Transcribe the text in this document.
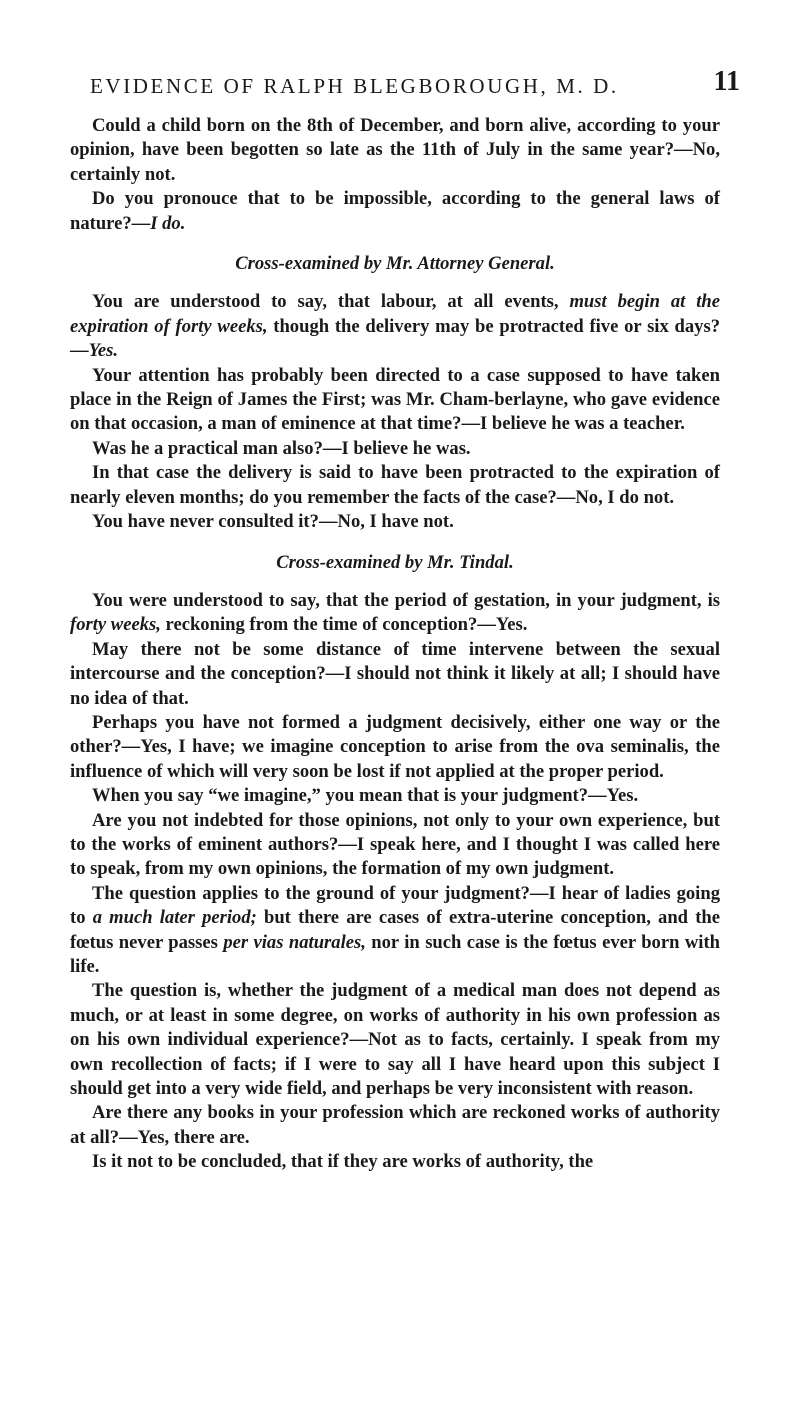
EVIDENCE OF RALPH BLEGBOROUGH, M. D.	11

Could a child born on the 8th of December, and born alive, according to your opinion, have been begotten so late as the 11th of July in the same year?—No, certainly not.

Do you pronouce that to be impossible, according to the general laws of nature?—I do.

Cross-examined by Mr. Attorney General.

You are understood to say, that labour, at all events, must begin at the expiration of forty weeks, though the delivery may be protracted five or six days?—Yes.

Your attention has probably been directed to a case supposed to have taken place in the Reign of James the First; was Mr. Cham-berlayne, who gave evidence on that occasion, a man of eminence at that time?—I believe he was a teacher.

Was he a practical man also?—I believe he was.

In that case the delivery is said to have been protracted to the expiration of nearly eleven months; do you remember the facts of the case?—No, I do not.

You have never consulted it?—No, I have not.

Cross-examined by Mr. Tindal.

You were understood to say, that the period of gestation, in your judgment, is forty weeks, reckoning from the time of conception?—Yes.

May there not be some distance of time intervene between the sexual intercourse and the conception?—I should not think it likely at all; I should have no idea of that.

Perhaps you have not formed a judgment decisively, either one way or the other?—Yes, I have; we imagine conception to arise from the ova seminalis, the influence of which will very soon be lost if not applied at the proper period.

When you say “we imagine,” you mean that is your judgment?—Yes.

Are you not indebted for those opinions, not only to your own experience, but to the works of eminent authors?—I speak here, and I thought I was called here to speak, from my own opinions, the formation of my own judgment.

The question applies to the ground of your judgment?—I hear of ladies going to a much later period; but there are cases of extra-uterine conception, and the fœtus never passes per vias naturales, nor in such case is the fœtus ever born with life.

The question is, whether the judgment of a medical man does not depend as much, or at least in some degree, on works of authority in his own profession as on his own individual experience?—Not as to facts, certainly. I speak from my own recollection of facts; if I were to say all I have heard upon this subject I should get into a very wide field, and perhaps be very inconsistent with reason.

Are there any books in your profession which are reckoned works of authority at all?—Yes, there are.

Is it not to be concluded, that if they are works of authority, the
